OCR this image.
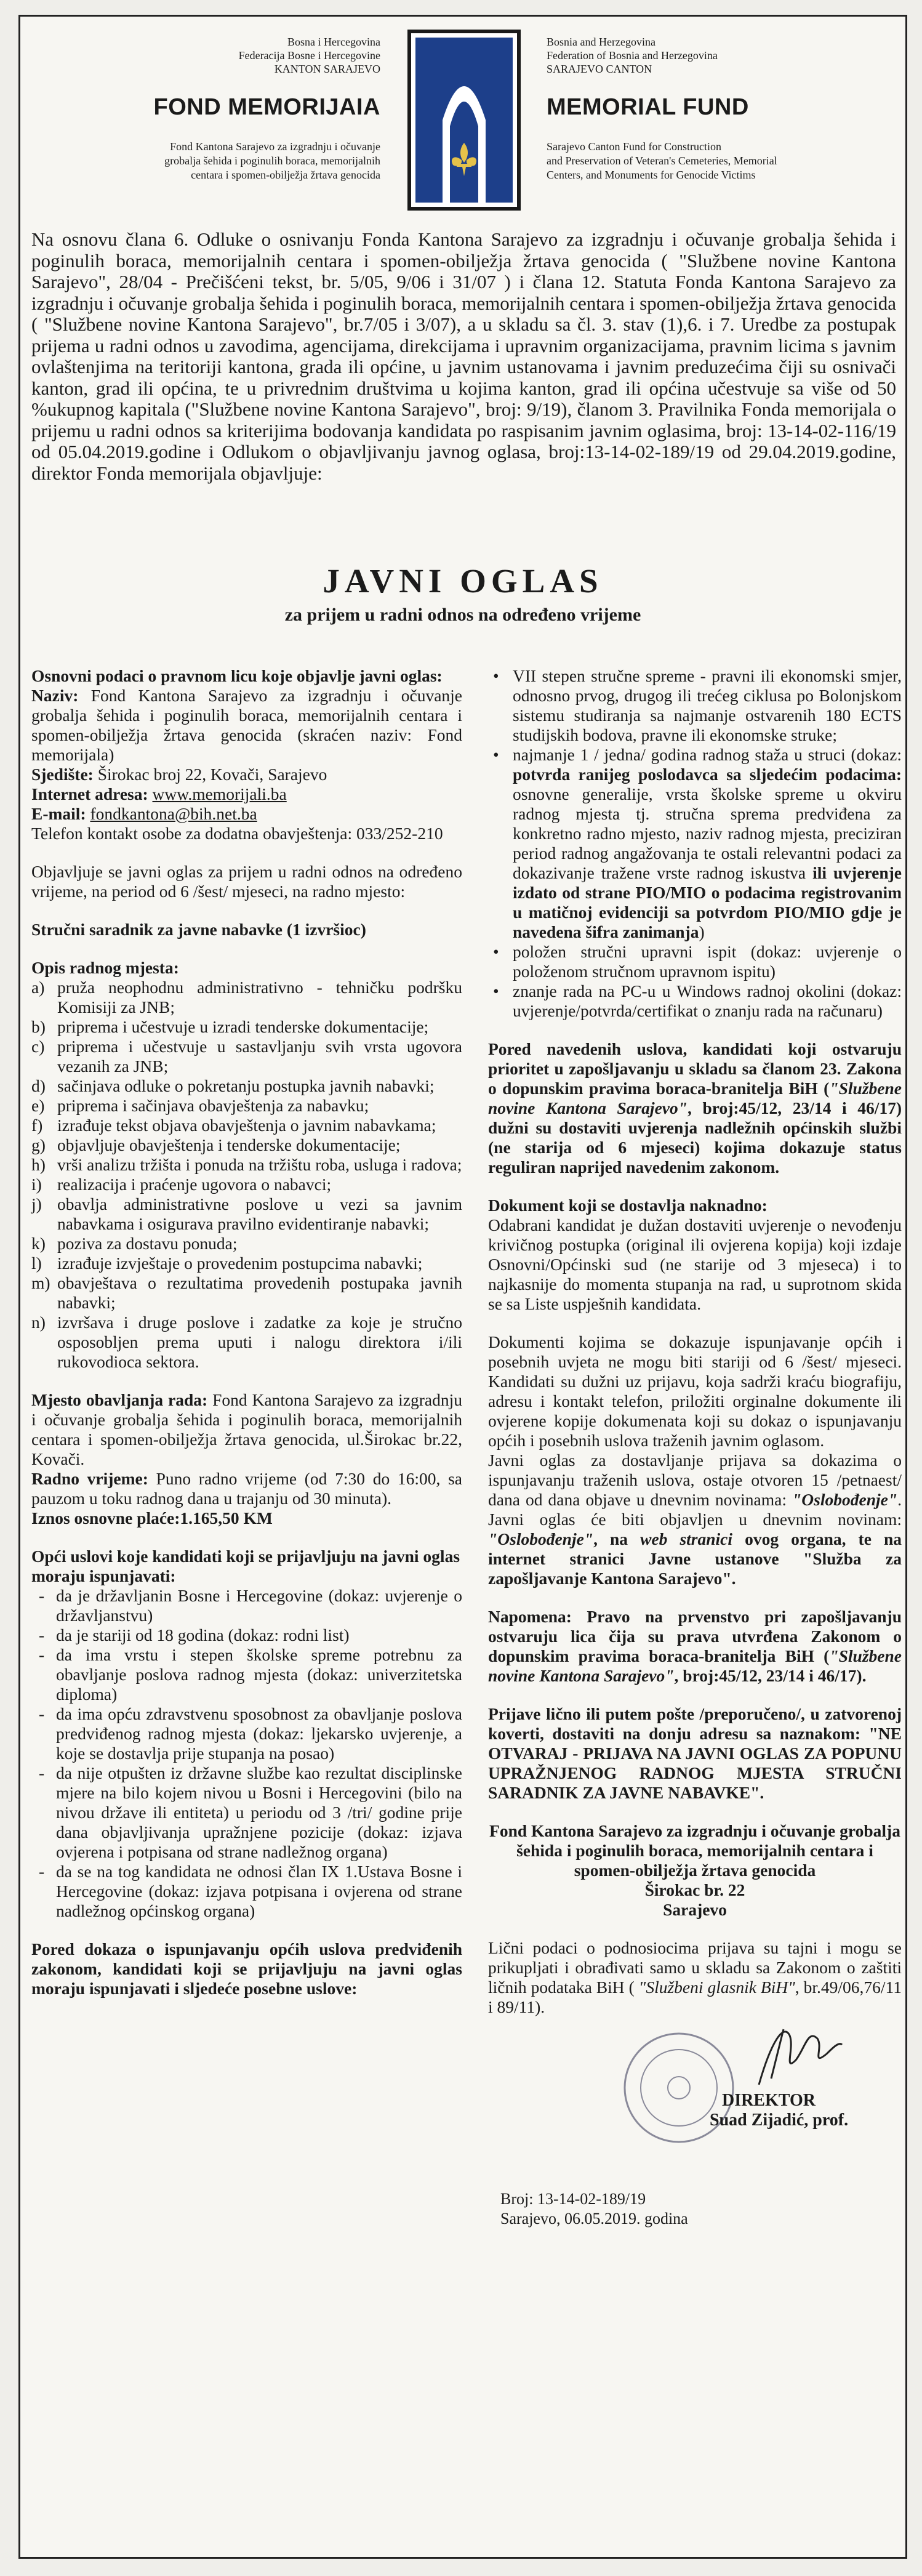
Bosna i Hercegovina
Federacija Bosne i Hercegovine
KANTON SARAJEVO
FOND MEMORIJAIA
Fond Kantona Sarajevo za izgradnju i očuvanje
grobalja šehida i poginulih boraca, memorijalnih
centara i spomen-obilježja žrtava genocida
Bosnia and Herzegovina
Federation of Bosnia and Herzegovina
SARAJEVO CANTON
MEMORIAL FUND
Sarajevo Canton Fund for Construction
and Preservation of Veteran's Cemeteries, Memorial
Centers, and Monuments for Genocide Victims
Na osnovu člana 6. Odluke o osnivanju Fonda Kantona Sarajevo za izgradnju i očuvanje grobalja šehida i poginulih boraca, memorijalnih centara i spomen-obilježja žrtava genocida ( "Službene novine Kantona Sarajevo", 28/04 - Prečišćeni tekst, br. 5/05, 9/06 i 31/07 ) i člana 12. Statuta Fonda Kantona Sarajevo za izgradnju i očuvanje grobalja šehida i poginulih boraca, memorijalnih centara i spomen-obilježja žrtava genocida ( "Službene novine Kantona Sarajevo", br.7/05 i 3/07), a u skladu sa čl. 3. stav (1),6. i 7. Uredbe za postupak prijema u radni odnos u zavodima, agencijama, direkcijama i upravnim organizacijama, pravnim licima s javnim ovlaštenjima na teritoriji kantona, grada ili općine, u javnim ustanovama i javnim preduzećima čiji su osnivači kanton, grad ili općina, te u privrednim društvima u kojima kanton, grad ili općina učestvuje sa više od 50 %ukupnog kapitala ("Službene novine Kantona Sarajevo", broj: 9/19), članom 3. Pravilnika Fonda memorijala o prijemu u radni odnos sa kriterijima bodovanja kandidata po raspisanim javnim oglasima, broj: 13-14-02-116/19 od 05.04.2019.godine i Odlukom o objavljivanju javnog oglasa, broj:13-14-02-189/19 od 29.04.2019.godine, direktor Fonda memorijala objavljuje:
JAVNI OGLAS
za prijem u radni odnos na određeno vrijeme
Osnovni podaci o pravnom licu koje objavlje javni oglas:
Naziv: Fond Kantona Sarajevo za izgradnju i očuvanje grobalja šehida i poginulih boraca, memorijalnih centara i spomen-obilježja žrtava genocida (skraćen naziv: Fond memorijala)
Sjedište: Širokac broj 22, Kovači, Sarajevo
Internet adresa: www.memorijali.ba
E-mail: fondkantona@bih.net.ba
Telefon kontakt osobe za dodatna obavještenja: 033/252-210
Objavljuje se javni oglas za prijem u radni odnos na određeno vrijeme, na period od 6 /šest/ mjeseci, na radno mjesto:
Stručni saradnik za javne nabavke (1 izvršioc)
Opis radnog mjesta:
a) pruža neophodnu administrativno - tehničku podršku Komisiji za JNB;
b) priprema i učestvuje u izradi tenderske dokumentacije;
c) priprema i učestvuje u sastavljanju svih vrsta ugovora vezanih za JNB;
d) sačinjava odluke o pokretanju postupka javnih nabavki;
e) priprema i sačinjava obavještenja za nabavku;
f) izrađuje tekst objava obavještenja o javnim nabavkama;
g) objavljuje obavještenja i tenderske dokumentacije;
h) vrši analizu tržišta i ponuda na tržištu roba, usluga i radova;
i) realizacija i praćenje ugovora o nabavci;
j) obavlja administrativne poslove u vezi sa javnim nabavkama i osigurava pravilno evidentiranje nabavki;
k) poziva za dostavu ponuda;
l) izrađuje izvještaje o provedenim postupcima nabavki;
m) obavještava o rezultatima provedenih postupaka javnih nabavki;
n) izvršava i druge poslove i zadatke za koje je stručno osposobljen prema uputi i nalogu direktora i/ili rukovodioca sektora.
Mjesto obavljanja rada: Fond Kantona Sarajevo za izgradnju i očuvanje grobalja šehida i poginulih boraca, memorijalnih centara i spomen-obilježja žrtava genocida, ul.Širokac br.22, Kovači.
Radno vrijeme: Puno radno vrijeme (od 7:30 do 16:00, sa pauzom u toku radnog dana u trajanju od 30 minuta).
Iznos osnovne plaće:1.165,50 KM
Opći uslovi koje kandidati koji se prijavljuju na javni oglas moraju ispunjavati:
- da je državljanin Bosne i Hercegovine (dokaz: uvjerenje o državljanstvu)
- da je stariji od 18 godina (dokaz: rodni list)
- da ima vrstu i stepen školske spreme potrebnu za obavljanje poslova radnog mjesta (dokaz: univerzitetska diploma)
- da ima opću zdravstvenu sposobnost za obavljanje poslova predviđenog radnog mjesta (dokaz: ljekarsko uvjerenje, a koje se dostavlja prije stupanja na posao)
- da nije otpušten iz državne službe kao rezultat disciplinske mjere na bilo kojem nivou u Bosni i Hercegovini (bilo na nivou države ili entiteta) u periodu od 3 /tri/ godine prije dana objavljivanja upražnjene pozicije (dokaz: izjava ovjerena i potpisana od strane nadležnog organa)
- da se na tog kandidata ne odnosi član IX 1.Ustava Bosne i Hercegovine (dokaz: izjava potpisana i ovjerena od strane nadležnog općinskog organa)
Pored dokaza o ispunjavanju općih uslova predviđenih zakonom, kandidati koji se prijavljuju na javni oglas moraju ispunjavati i sljedeće posebne uslove:
• VII stepen stručne spreme - pravni ili ekonomski smjer, odnosno prvog, drugog ili trećeg ciklusa po Bolonjskom sistemu studiranja sa najmanje ostvarenih 180 ECTS studijskih bodova, pravne ili ekonomske struke;
• najmanje 1 / jedna/ godina radnog staža u struci (dokaz: potvrda ranijeg poslodavca sa sljedećim podacima: osnovne generalije, vrsta školske spreme u okviru radnog mjesta tj. stručna sprema predviđena za konkretno radno mjesto, naziv radnog mjesta, preciziran period radnog angažovanja te ostali relevantni podaci za dokazivanje tražene vrste radnog iskustva ili uvjerenje izdato od strane PIO/MIO o podacima registrovanim u matičnoj evidenciji sa potvrdom PIO/MIO gdje je navedena šifra zanimanja)
• položen stručni upravni ispit (dokaz: uvjerenje o položenom stručnom upravnom ispitu)
• znanje rada na PC-u u Windows radnoj okolini (dokaz: uvjerenje/potvrda/certifikat o znanju rada na računaru)
Pored navedenih uslova, kandidati koji ostvaruju prioritet u zapošljavanju u skladu sa članom 23. Zakona o dopunskim pravima boraca-branitelja BiH ("Službene novine Kantona Sarajevo", broj:45/12, 23/14 i 46/17) dužni su dostaviti uvjerenja nadležnih općinskih službi (ne starija od 6 mjeseci) kojima dokazuje status reguliran naprijed navedenim zakonom.
Dokument koji se dostavlja naknadno:
Odabrani kandidat je dužan dostaviti uvjerenje o nevođenju krivičnog postupka (original ili ovjerena kopija) koji izdaje Osnovni/Općinski sud (ne starije od 3 mjeseca) i to najkasnije do momenta stupanja na rad, u suprotnom skida se sa Liste uspješnih kandidata.
Dokumenti kojima se dokazuje ispunjavanje općih i posebnih uvjeta ne mogu biti stariji od 6 /šest/ mjeseci. Kandidati su dužni uz prijavu, koja sadrži kraću biografiju, adresu i kontakt telefon, priložiti orginalne dokumente ili ovjerene kopije dokumenata koji su dokaz o ispunjavanju općih i posebnih uslova traženih javnim oglasom.
Javni oglas za dostavljanje prijava sa dokazima o ispunjavanju traženih uslova, ostaje otvoren 15 /petnaest/ dana od dana objave u dnevnim novinama: "Oslobođenje". Javni oglas će biti objavljen u dnevnim novinam: "Oslobođenje", na web stranici ovog organa, te na internet stranici Javne ustanove "Služba za zapošljavanje Kantona Sarajevo".
Napomena: Pravo na prvenstvo pri zapošljavanju ostvaruju lica čija su prava utvrđena Zakonom o dopunskim pravima boraca-branitelja BiH ("Službene novine Kantona Sarajevo", broj:45/12, 23/14 i 46/17).
Prijave lično ili putem pošte /preporučeno/, u zatvorenoj koverti, dostaviti na donju adresu sa naznakom: "NE OTVARAJ - PRIJAVA NA JAVNI OGLAS ZA POPUNU UPRAŽNJENOG RADNOG MJESTA STRUČNI SARADNIK ZA JAVNE NABAVKE".
Fond Kantona Sarajevo za izgradnju i očuvanje grobalja šehida i poginulih boraca, memorijalnih centara i spomen-obilježja žrtava genocida
Širokac br. 22
Sarajevo
Lični podaci o podnosiocima prijava su tajni i mogu se prikupljati i obrađivati samo u skladu sa Zakonom o zaštiti ličnih podataka BiH ( "Službeni glasnik BiH", br.49/06,76/11 i 89/11).
DIREKTOR
Suad Zijadić, prof.
Broj: 13-14-02-189/19
Sarajevo, 06.05.2019. godina
